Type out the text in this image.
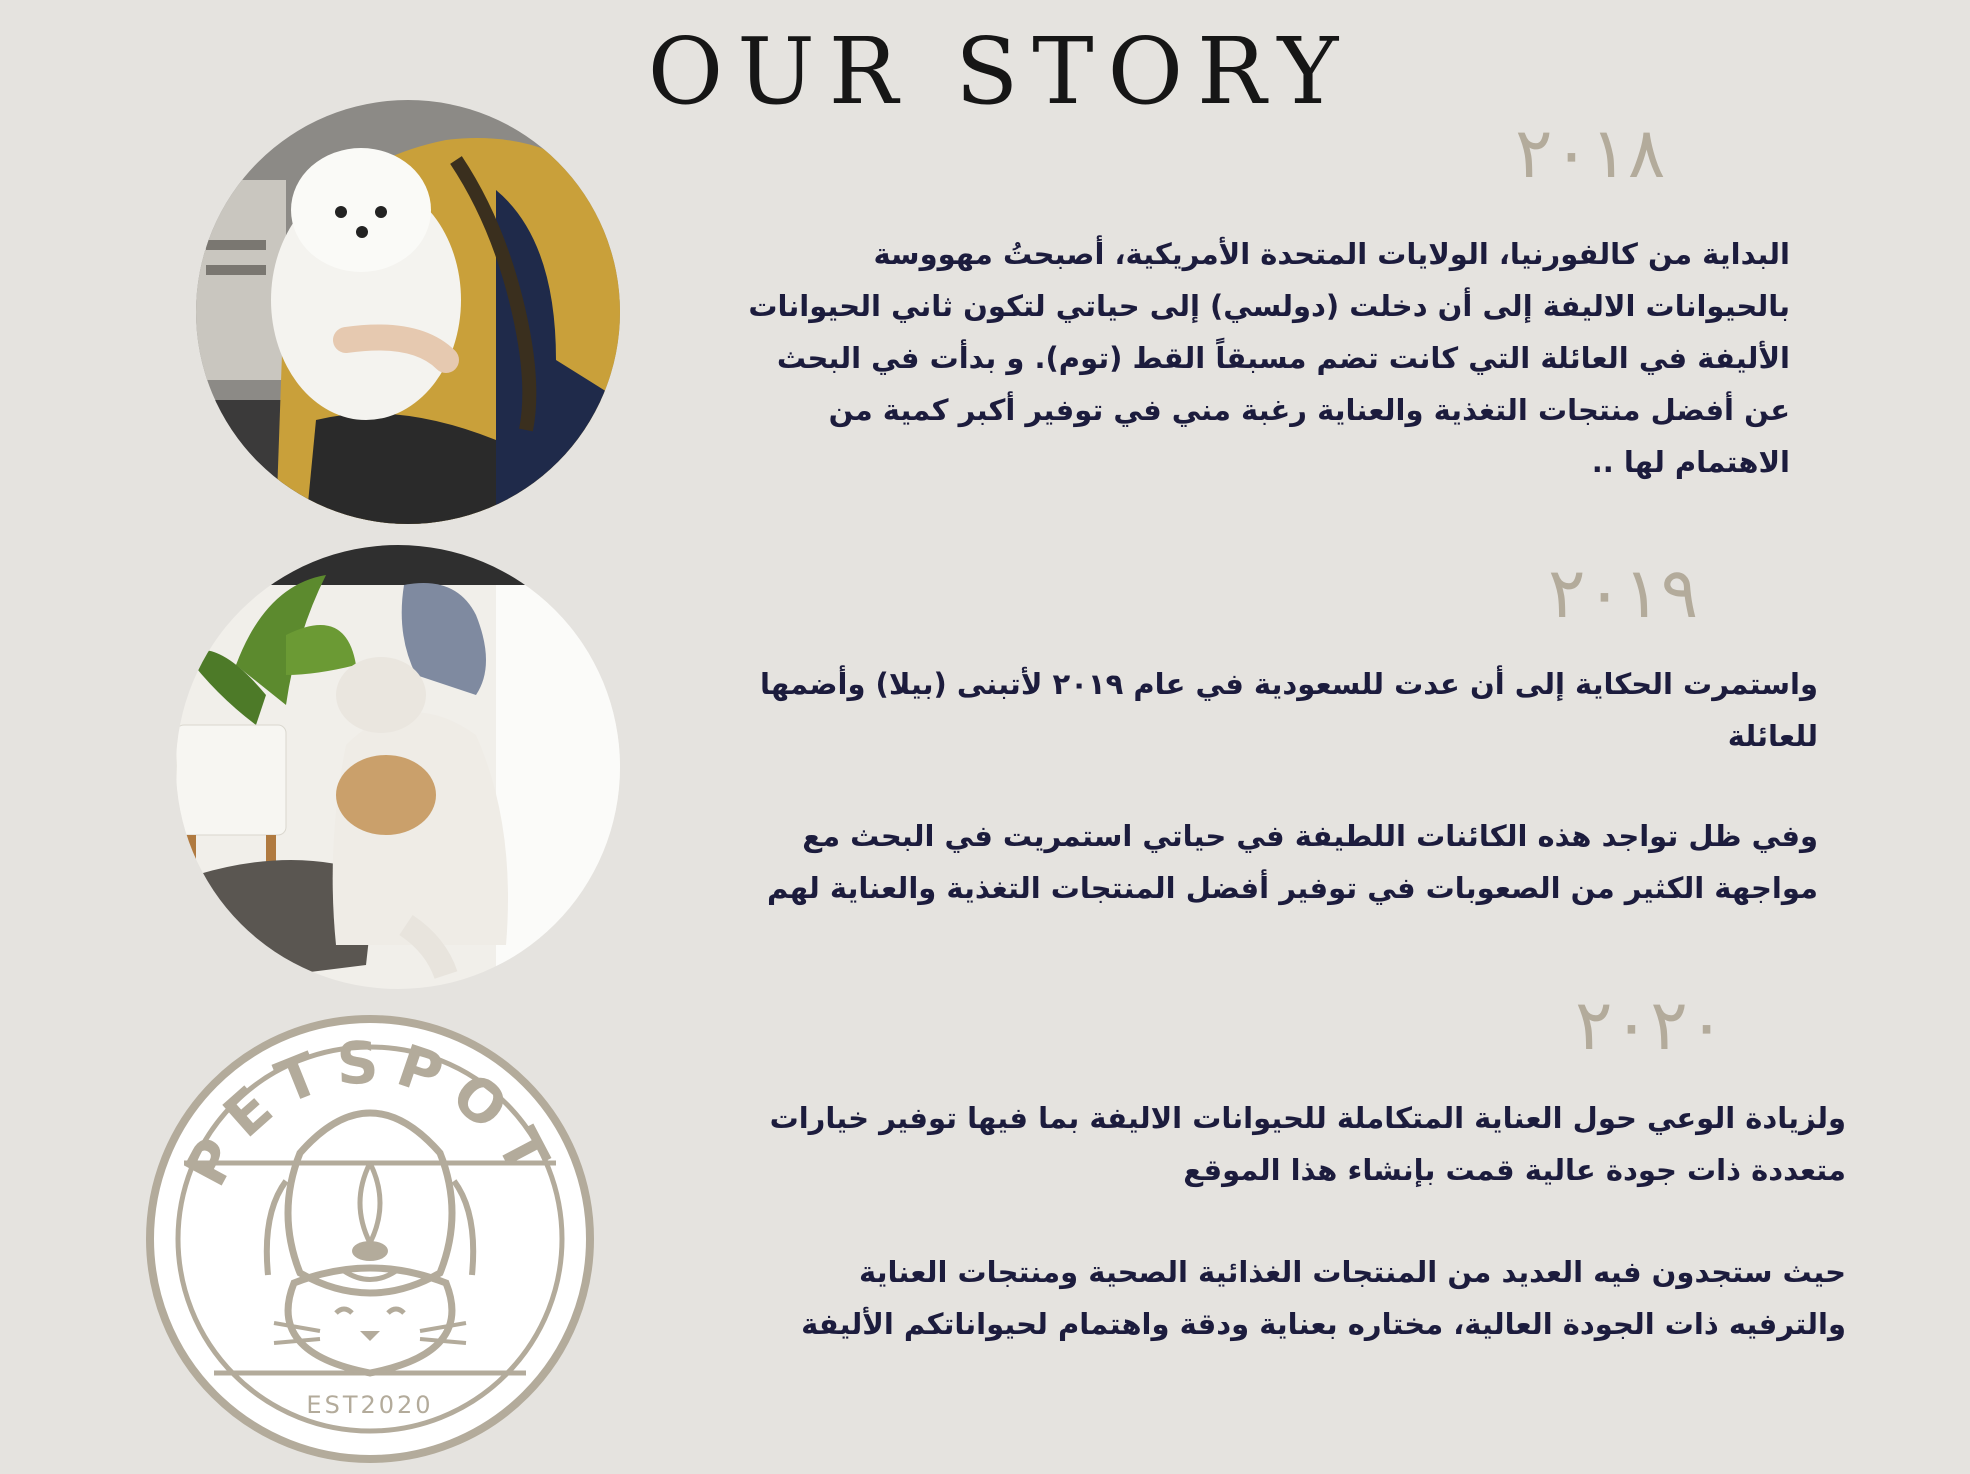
OUR STORY
٢٠١٨

البداية من كالفورنيا، الولايات المتحدة الأمريكية، أصبحتُ مهووسة
بالحيوانات الاليفة إلى أن دخلت (دولسي) إلى حياتي لتكون ثاني الحيوانات
الأليفة في العائلة التي كانت تضم مسبقاً القط (توم). و بدأت في البحث
عن أفضل منتجات التغذية والعناية رغبة مني في توفير أكبر كمية من
الاهتمام لها ..

٢٠١٩

واستمرت الحكاية إلى أن عدت للسعودية في عام ٢٠١٩ لأتبنى (بيلا) وأضمها
للعائلة

وفي ظل تواجد هذه الكائنات اللطيفة في حياتي استمريت في البحث مع
مواجهة الكثير من الصعوبات في توفير أفضل المنتجات التغذية والعناية لهم

PETSPOT
EST2020
٢٠٢٠

ولزيادة الوعي حول العناية المتكاملة للحيوانات الاليفة بما فيها توفير خيارات
متعددة ذات جودة عالية قمت بإنشاء هذا الموقع

حيث ستجدون فيه العديد من المنتجات الغذائية الصحية ومنتجات العناية
والترفيه ذات الجودة العالية، مختاره بعناية ودقة واهتمام لحيواناتكم الأليفة
